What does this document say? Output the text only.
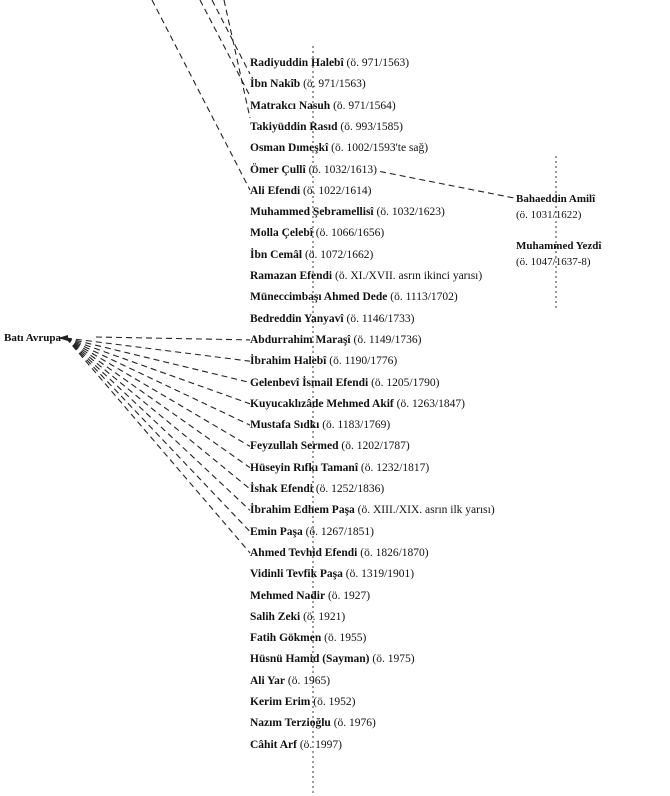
Batı Avrupa
Radiyuddin Halebî (ö. 971/1563)
İbn Nakîb (ö. 971/1563)
Matrakcı Nasuh (ö. 971/1564)
Takiyüddin Rasıd (ö. 993/1585)
Osman Dımeşkî (ö. 1002/1593'te sağ)
Ömer Çullî (ö. 1032/1613)
Ali Efendi (ö. 1022/1614)
Muhammed Şebramellisî (ö. 1032/1623)
Molla Çelebî (ö. 1066/1656)
İbn Cemâl (ö. 1072/1662)
Ramazan Efendi (ö. XI./XVII. asrın ikinci yarısı)
Müneccimbaşı Ahmed Dede (ö. 1113/1702)
Bedreddin Yanyavî (ö. 1146/1733)
Abdurrahim Maraşî (ö. 1149/1736)
İbrahim Halebî (ö. 1190/1776)
Gelenbevî İsmail Efendi (ö. 1205/1790)
Kuyucaklızâde Mehmed Akif (ö. 1263/1847)
Mustafa Sıdkı (ö. 1183/1769)
Feyzullah Sermed (ö. 1202/1787)
Hüseyin Rıfkı Tamanî (ö. 1232/1817)
İshak Efendi (ö. 1252/1836)
İbrahim Edhem Paşa (ö. XIII./XIX. asrın ilk yarısı)
Emin Paşa (ö. 1267/1851)
Ahmed Tevhid Efendi (ö. 1826/1870)
Vidinli Tevfik Paşa (ö. 1319/1901)
Mehmed Nadir (ö. 1927)
Salih Zeki (ö. 1921)
Fatih Gökmen (ö. 1955)
Hüsnü Hamid (Sayman) (ö. 1975)
Ali Yar (ö. 1965)
Kerim Erim (ö. 1952)
Nazım Terzioğlu (ö. 1976)
Câhit Arf (ö. 1997)
Bahaeddin Amilî
(ö. 1031/1622)
Muhammed Yezdî
(ö. 1047/1637-8)
